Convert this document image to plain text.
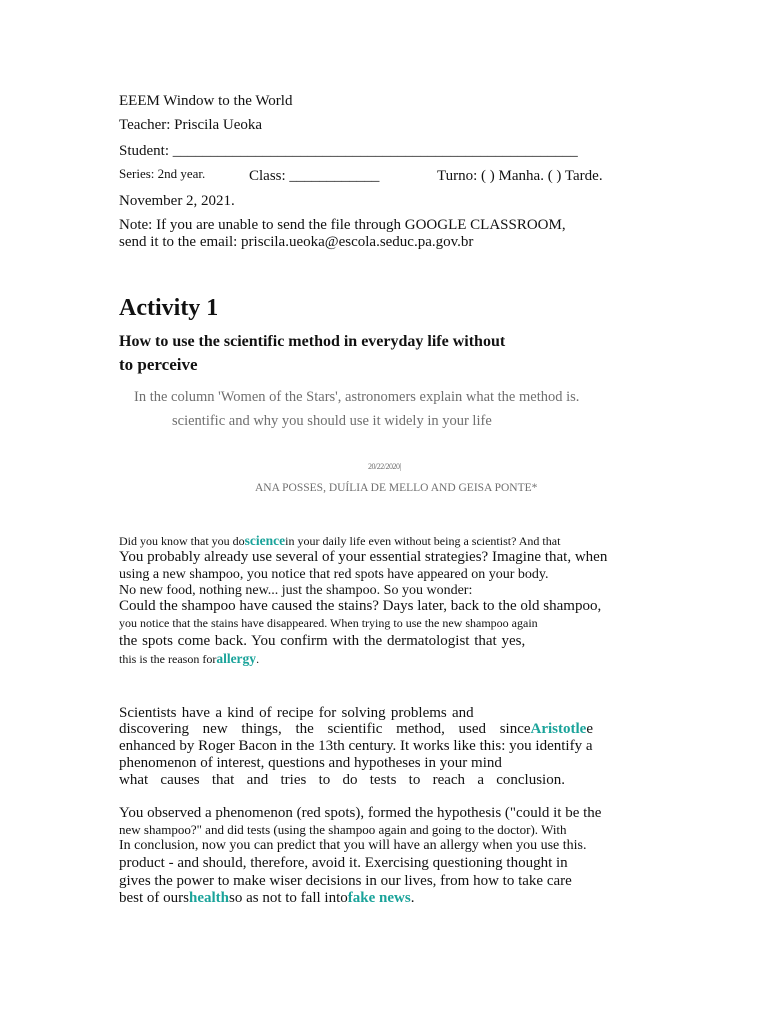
EEEM Window to the World
Teacher: Priscila Ueoka
Student: ______________________________________________________
Series: 2nd year.	Class: ____________	Turno: ( ) Manha. ( ) Tarde.
November 2, 2021.
Note: If you are unable to send the file through GOOGLE CLASSROOM,
send it to the email: priscila.ueoka@escola.seduc.pa.gov.br
Activity 1
How to use the scientific method in everyday life without
to perceive
In the column 'Women of the Stars', astronomers explain what the method is.
scientific and why you should use it widely in your life
20/22/2020|
ANA POSSES, DUÍLIA DE MELLO AND GEISA PONTE*
Did you know that you dosciencein your daily life even without being a scientist? And that
You probably already use several of your essential strategies? Imagine that, when
using a new shampoo, you notice that red spots have appeared on your body.
No new food, nothing new... just the shampoo. So you wonder:
Could the shampoo have caused the stains? Days later, back to the old shampoo,
you notice that the stains have disappeared. When trying to use the new shampoo again
the spots come back. You confirm with the dermatologist that yes,
this is the reason forallergy.
Scientists have a kind of recipe for solving problems and
discovering new things, the scientific method, used sinceAristotlee
enhanced by Roger Bacon in the 13th century. It works like this: you identify a
phenomenon of interest, questions and hypotheses in your mind
what causes that and tries to do tests to reach a conclusion.
You observed a phenomenon (red spots), formed the hypothesis ("could it be the
new shampoo?" and did tests (using the shampoo again and going to the doctor). With
In conclusion, now you can predict that you will have an allergy when you use this.
product - and should, therefore, avoid it. Exercising questioning thought in
gives the power to make wiser decisions in our lives, from how to take care
best of ourshealthso as not to fall intofake news.
